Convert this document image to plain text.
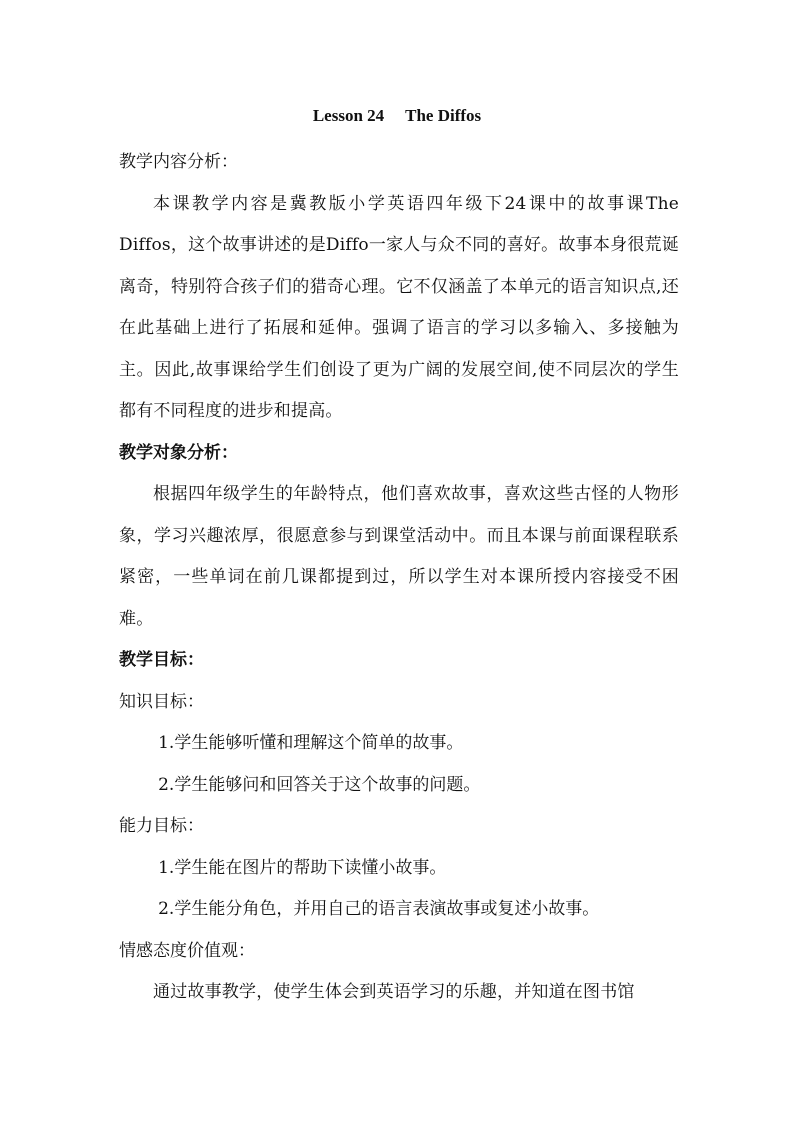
Lesson 24     The Diffos
教学内容分析：
本课教学内容是冀教版小学英语四年级下24课中的故事课The Diffos，这个故事讲述的是Diffo一家人与众不同的喜好。故事本身很荒诞离奇，特别符合孩子们的猎奇心理。它不仅涵盖了本单元的语言知识点,还在此基础上进行了拓展和延伸。强调了语言的学习以多输入、多接触为主。因此,故事课给学生们创设了更为广阔的发展空间,使不同层次的学生都有不同程度的进步和提高。
教学对象分析：
根据四年级学生的年龄特点，他们喜欢故事，喜欢这些古怪的人物形象，学习兴趣浓厚，很愿意参与到课堂活动中。而且本课与前面课程联系紧密，一些单词在前几课都提到过，所以学生对本课所授内容接受不困难。
教学目标：
知识目标：
1.学生能够听懂和理解这个简单的故事。
2.学生能够问和回答关于这个故事的问题。
能力目标：
1.学生能在图片的帮助下读懂小故事。
2.学生能分角色，并用自己的语言表演故事或复述小故事。
情感态度价值观：
通过故事教学，使学生体会到英语学习的乐趣，并知道在图书馆
